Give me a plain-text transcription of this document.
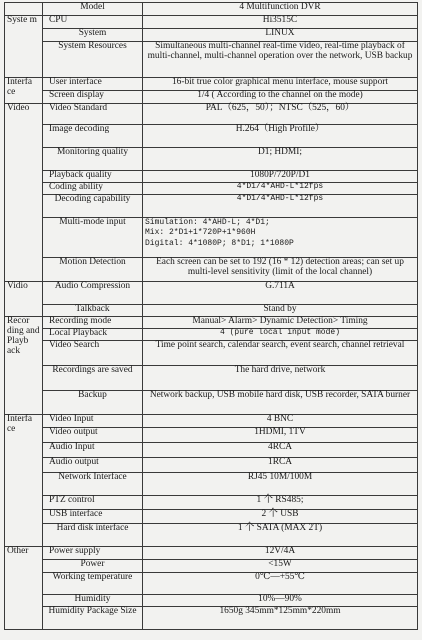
	Model	4 Multifunction DVR
Syste m	CPU	Hi3515C
	System	LINUX
	System Resources	Simultaneous multi-channel real-time video, real-time playback of multi-channel, multi-channel operation over the network, USB backup
Interfa ce	User interface	16-bit true color graphical menu interface, mouse support
	Screen display	1/4 ( According to the channel on the mode)
Video	Video Standard	PAL（625，50）；NTSC（525，60）
	Image decoding	H.264（High Profile）
	Monitoring quality	D1; HDMI;
	Playback quality	1080P/720P/D1
	Coding ability	4*D1/4*AHD-L*12fps
	Decoding capability	4*D1/4*AHD-L*12fps
	Multi-mode input	Simulation: 4*AHD-L; 4*D1;
Mix: 2*D1+1*720P+1*960H
Digital: 4*1080P; 8*D1; 1*1080P

	Motion Detection	Each screen can be set to 192 (16 * 12) detection areas; can set up multi-level sensitivity (limit of the local channel)
Vidio	Audio Compression	G.711A
	Talkback	Stand by
Recor ding and Playb ack	Recording mode	Manual> Alarm> Dynamic Detection> Timing
	Local Playback	4 (pure local input mode)
	Video Search	Time point search, calendar search, event search, channel retrieval
	Recordings are saved	The hard drive, network
	Backup	Network backup, USB mobile hard disk, USB recorder, SATA burner
Interfa ce	Video Input	4 BNC
	Video output	1HDMI, 1TV
	Audio Input	4RCA
	Audio output	1RCA
	Network Interface	RJ45 10M/100M
	PTZ control	1 个 RS485;
	USB interface	2 个 USB
	Hard disk interface	1 个 SATA (MAX 2T)
Other	Power supply	12V/4A
	Power	<15W
	Working temperature	0℃—+55℃
	Humidity	10%—90%
	Humidity Package Size	1650g 345mm*125mm*220mm
